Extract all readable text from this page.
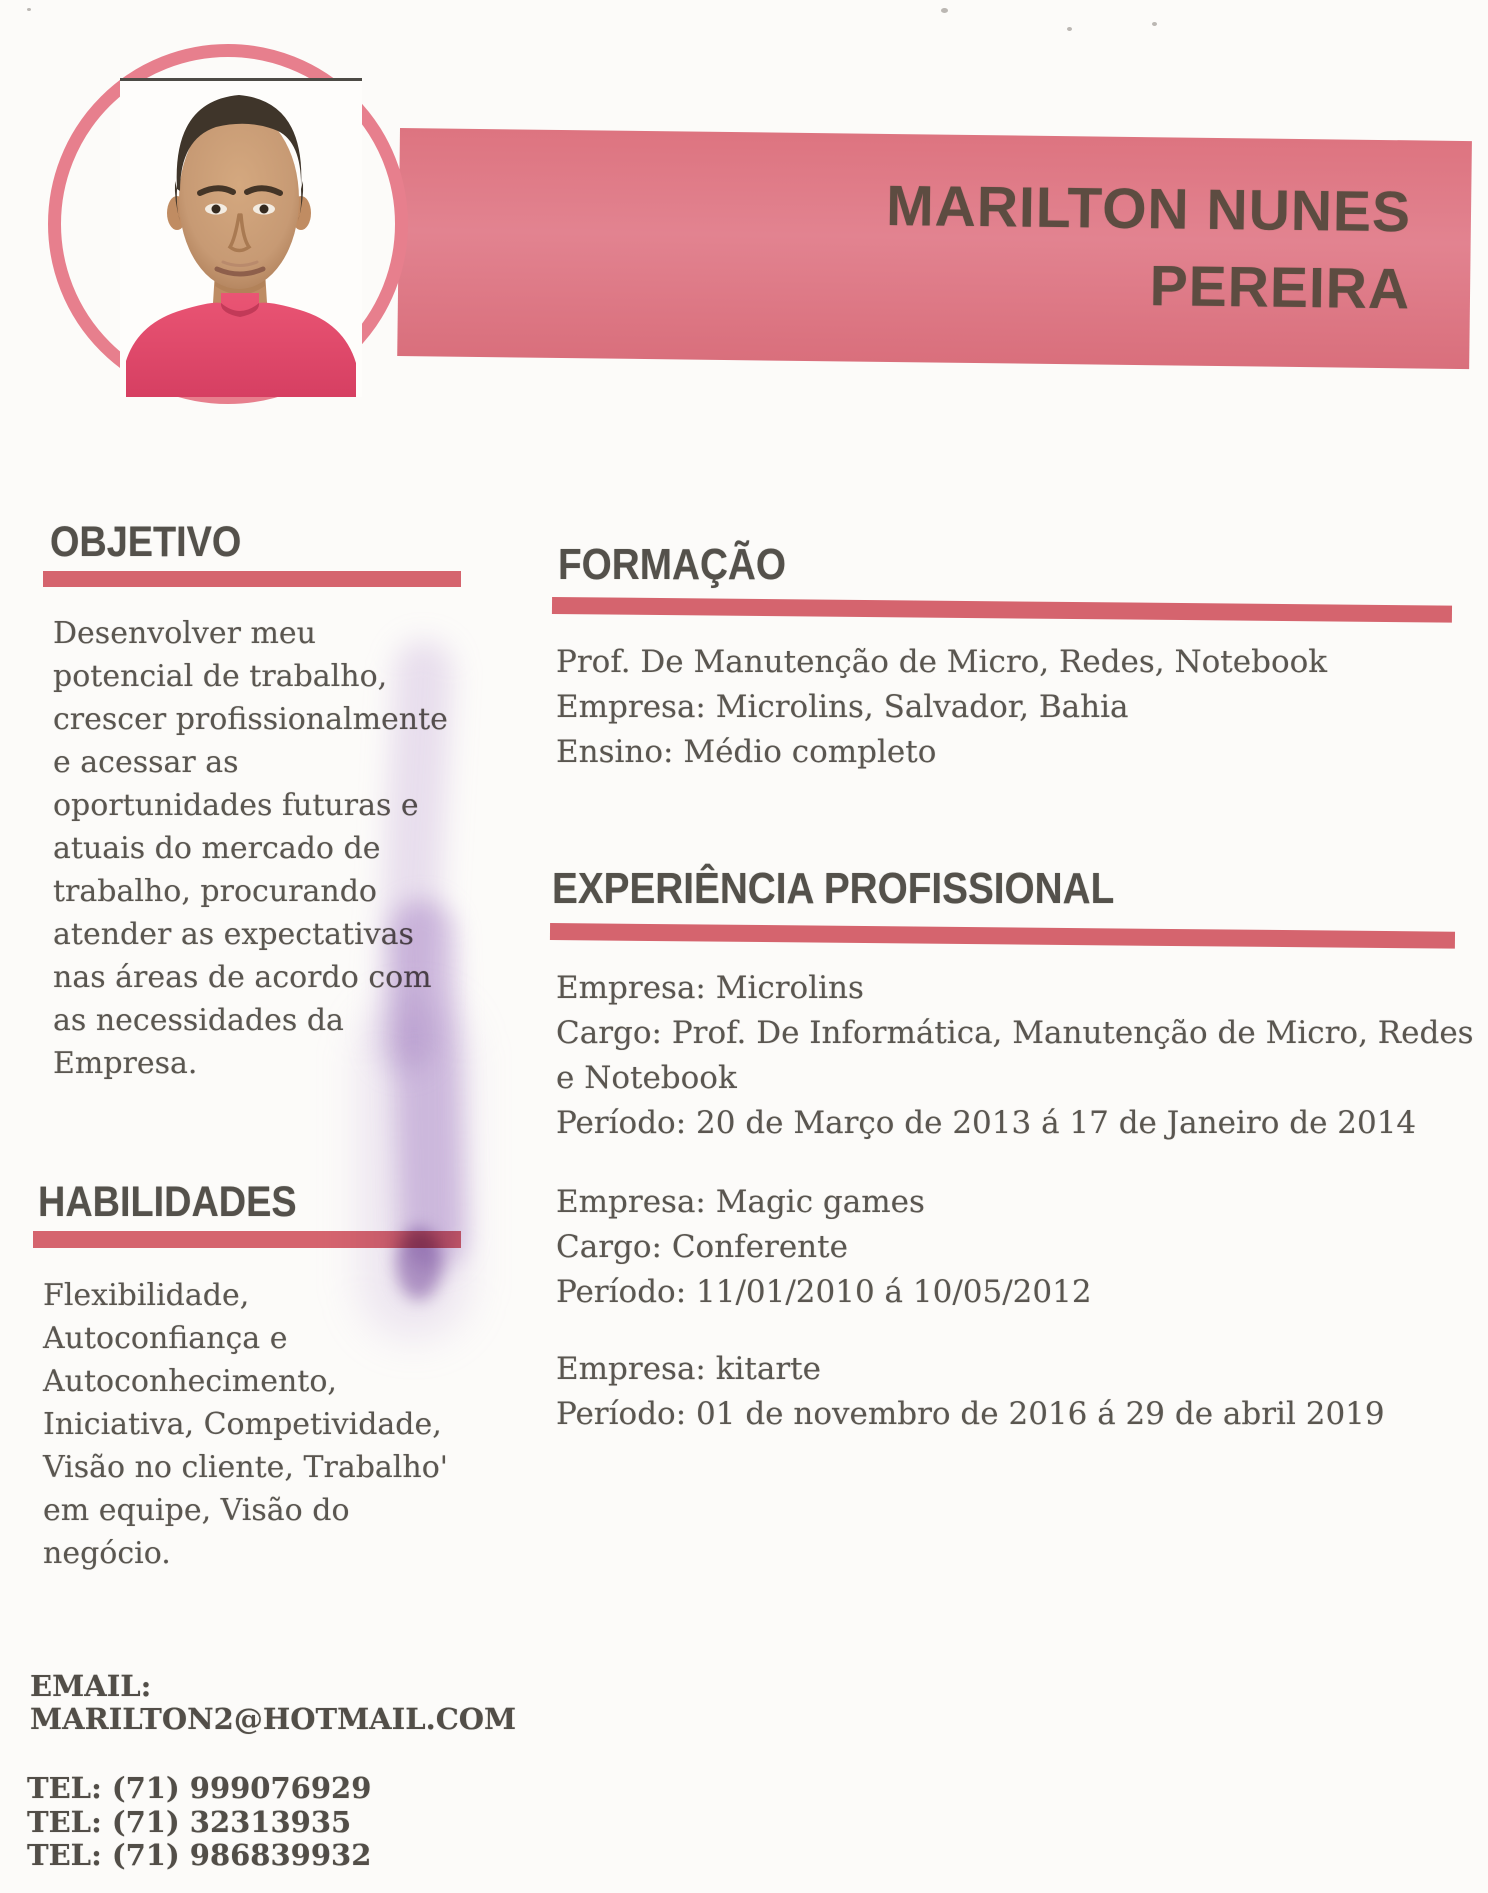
MARILTON NUNES
PEREIRA
OBJETIVO
Desenvolver meu
potencial de trabalho,
crescer profissionalmente
e acessar as
oportunidades futuras e
atuais do mercado de
trabalho, procurando
atender as expectativas
nas áreas de acordo com
as necessidades da
Empresa.
HABILIDADES
Flexibilidade,
Autoconfiança e
Autoconhecimento,
Iniciativa, Competividade,
Visão no cliente, Trabalho'
em equipe, Visão do
negócio.
EMAIL:
MARILTON2@HOTMAIL.COM
TEL: (71) 999076929
TEL: (71) 32313935
TEL: (71) 986839932
FORMAÇÃO
Prof. De Manutenção de Micro, Redes, Notebook
Empresa: Microlins, Salvador, Bahia
Ensino: Médio completo
EXPERIÊNCIA PROFISSIONAL
Empresa: Microlins
Cargo: Prof. De Informática, Manutenção de Micro, Redes
e Notebook
Período: 20 de Março de 2013 á 17 de Janeiro de 2014
Empresa: Magic games
Cargo: Conferente
Período: 11/01/2010 á 10/05/2012
Empresa: kitarte
Período: 01 de novembro de 2016 á 29 de abril 2019
